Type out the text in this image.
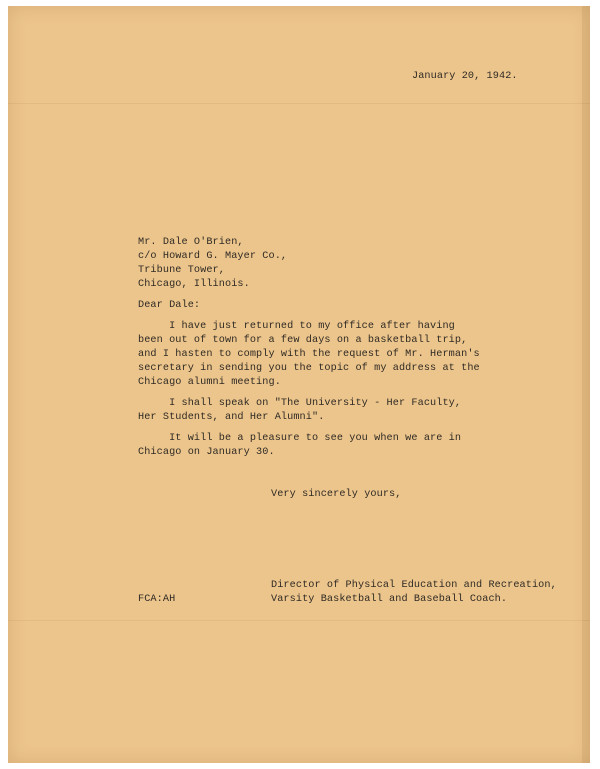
January 20, 1942.

Mr. Dale O'Brien,

c/o Howard G. Mayer Co.,

Tribune Tower,

Chicago, Illinois.

Dear Dale:

I have just returned to my office after having

been out of town for a few days on a basketball trip,

and I hasten to comply with the request of Mr. Herman's

secretary in sending you the topic of my address at the

Chicago alumni meeting.

I shall speak on "The University - Her Faculty,

Her Students, and Her Alumni".

It will be a pleasure to see you when we are in

Chicago on January 30.

Very sincerely yours,

Director of Physical Education and Recreation,

Varsity Basketball and Baseball Coach.

FCA:AH
